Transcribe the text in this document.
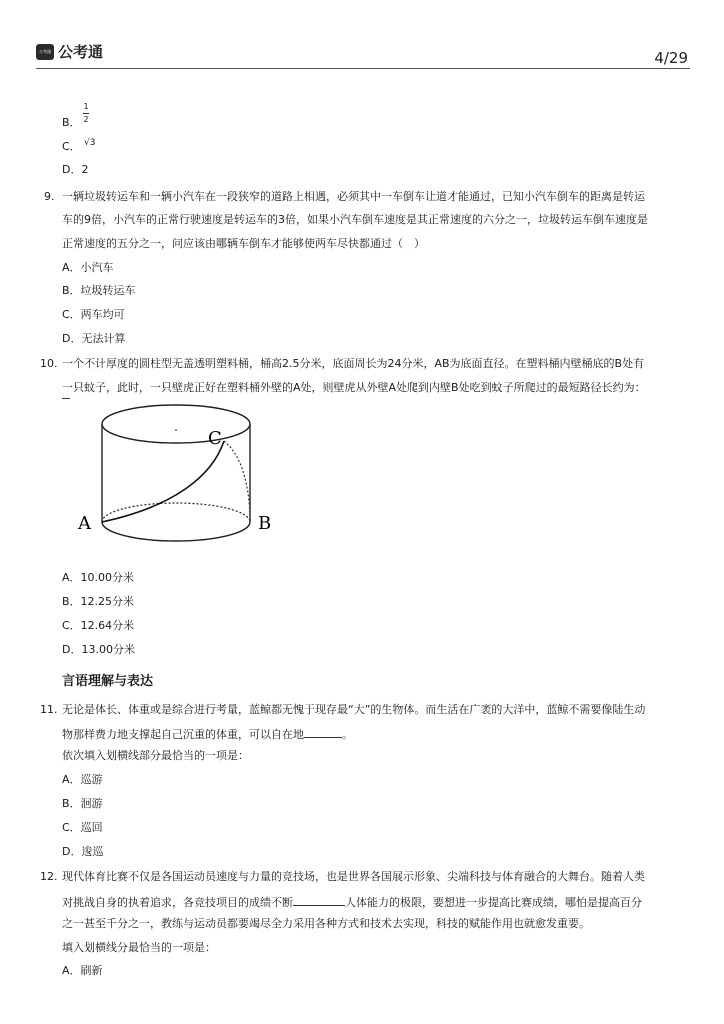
公考通 公考通	4/29
B．
1
2
C． √3
D．2
9. 一辆垃圾转运车和一辆小汽车在一段狭窄的道路上相遇，必须其中一车倒车让道才能通过，已知小汽车倒车的距离是转运
车的9倍，小汽车的正常行驶速度是转运车的3倍，如果小汽车倒车速度是其正常速度的六分之一，垃圾转运车倒车速度是
正常速度的五分之一，问应该由哪辆车倒车才能够使两车尽快都通过（　）
A．小汽车
B．垃圾转运车
C．两车均可
D．无法计算
10. 一个不计厚度的圆柱型无盖透明塑料桶，桶高2.5分米，底面周长为24分米，AB为底面直径。在塑料桶内壁桶底的B处有
一只蚊子，此时，一只壁虎正好在塑料桶外壁的A处，则壁虎从外壁A处爬到内壁B处吃到蚊子所爬过的最短路径长约为：
A	B
C
A．10.00分米
B．12.25分米
C．12.64分米
D．13.00分米
言语理解与表达
11. 无论是体长、体重或是综合进行考量，蓝鲸都无愧于现存最“大”的生物体。而生活在广袤的大洋中，蓝鲸不需要像陆生动
物那样费力地支撑起自己沉重的体重，可以自在地	。
依次填入划横线部分最恰当的一项是：
A．巡游
B．洄游
C．巡回
D．逡巡
12. 现代体育比赛不仅是各国运动员速度与力量的竞技场，也是世界各国展示形象、尖端科技与体育融合的大舞台。随着人类
对挑战自身的执着追求，各竞技项目的成绩不断	人体能力的极限，要想进一步提高比赛成绩，哪怕是提高百分
之一甚至千分之一，教练与运动员都要竭尽全力采用各种方式和技术去实现，科技的赋能作用也就愈发重要。
填入划横线分最恰当的一项是：
A．刷新
